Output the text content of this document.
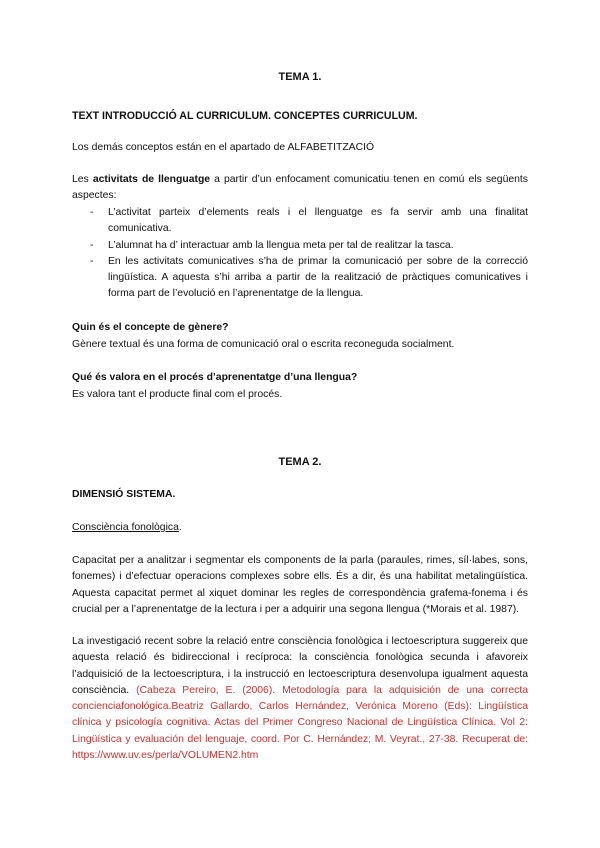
TEMA 1.
TEXT INTRODUCCIÓ AL CURRICULUM. CONCEPTES CURRICULUM.
Los demás conceptos están en el apartado de ALFABETITZACIÓ
Les activitats de llenguatge a partir d’un enfocament comunicatiu tenen en comú els següents aspectes:
- L’activitat parteix d’elements reals i el llenguatge es fa servir amb una finalitat comunicativa.
- L’alumnat ha d’ interactuar amb la llengua meta per tal de realitzar la tasca.
- En les activitats comunicatives s’ha de primar la comunicació per sobre de la correcció lingüística. A aquesta s’hi arriba a partir de la realització de pràctiques comunicatives i forma part de l’evolució en l’aprenentatge de la llengua.
Quin és el concepte de gènere?
Gènere textual és una forma de comunicació oral o escrita reconeguda socialment.
Qué és valora en el procés d’aprenentatge d’una llengua?
Es valora tant el producte final com el procés.
TEMA 2.
DIMENSIÓ SISTEMA.
Consciència fonològica.
Capacitat per a analitzar i segmentar els components de la parla (paraules, rimes, síl·labes, sons, fonemes) i d’efectuar operacions complexes sobre ells. És a dir, és una habilitat metalingüística. Aquesta capacitat permet al xiquet dominar les regles de correspondència grafema-fonema i és crucial per a l’aprenentatge de la lectura i per a adquirir una segona llengua (*Morais et al. 1987).
La investigació recent sobre la relació entre consciència fonològica i lectoescriptura suggereix que aquesta relació és bidireccional i recíproca: la consciència fonològica secunda i afavoreix l’adquisició de la lectoescriptura, i la instrucció en lectoescriptura desenvolupa igualment aquesta consciència. (Cabeza Pereiro, E. (2006). Metodología para la adquisición de una correcta concienciafonológica.Beatriz Gallardo, Carlos Hernández, Verónica Moreno (Eds): Lingüística clínica y psicología cognitiva. Actas del Primer Congreso Nacional de Lingüística Clínica. Vol 2: Lingüística y evaluación del lenguaje, coord. Por C. Hernández; M. Veyrat., 27-38. Recuperat de: https://www.uv.es/perla/VOLUMEN2.htm
